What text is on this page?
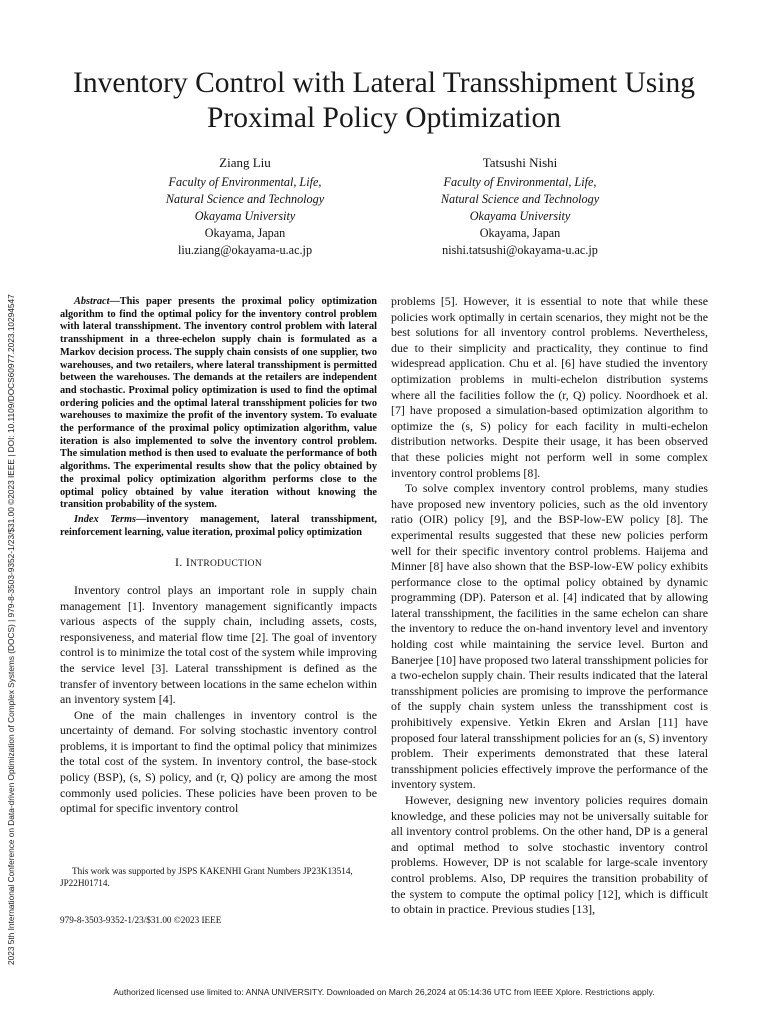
2023 5th International Conference on Data-driven Optimization of Complex Systems (DOCS) | 979-8-3503-9352-1/23/$31.00 ©2023 IEEE | DOI: 10.1109/DOCS60977.2023.10294547
Inventory Control with Lateral Transshipment Using
Proximal Policy Optimization
Ziang Liu
Faculty of Environmental, Life,
Natural Science and Technology
Okayama University
Okayama, Japan
liu.ziang@okayama-u.ac.jp
Tatsushi Nishi
Faculty of Environmental, Life,
Natural Science and Technology
Okayama University
Okayama, Japan
nishi.tatsushi@okayama-u.ac.jp

Abstract—This paper presents the proximal policy optimization algorithm to find the optimal policy for the inventory control problem with lateral transshipment. The inventory control problem with lateral transshipment in a three-echelon supply chain is formulated as a Markov decision process. The supply chain consists of one supplier, two warehouses, and two retailers, where lateral transshipment is permitted between the warehouses. The demands at the retailers are independent and stochastic. Proximal policy optimization is used to find the optimal ordering policies and the optimal lateral transshipment policies for two warehouses to maximize the profit of the inventory system. To evaluate the performance of the proximal policy optimization algorithm, value iteration is also implemented to solve the inventory control problem. The simulation method is then used to evaluate the performance of both algorithms. The experimental results show that the policy obtained by the proximal policy optimization algorithm performs close to the optimal policy obtained by value iteration without knowing the transition probability of the system.

Index Terms—inventory management, lateral transshipment, reinforcement learning, value iteration, proximal policy optimization

I. INTRODUCTION

Inventory control plays an important role in supply chain management [1]. Inventory management significantly impacts various aspects of the supply chain, including assets, costs, responsiveness, and material flow time [2]. The goal of inventory control is to minimize the total cost of the system while improving the service level [3]. Lateral transshipment is defined as the transfer of inventory between locations in the same echelon within an inventory system [4].

One of the main challenges in inventory control is the uncertainty of demand. For solving stochastic inventory control problems, it is important to find the optimal policy that minimizes the total cost of the system. In inventory control, the base-stock policy (BSP), (s, S) policy, and (r, Q) policy are among the most commonly used policies. These policies have been proven to be optimal for specific inventory control

This work was supported by JSPS KAKENHI Grant Numbers JP23K13514, JP22H01714.
979-8-3503-9352-1/23/$31.00 ©2023 IEEE

problems [5]. However, it is essential to note that while these policies work optimally in certain scenarios, they might not be the best solutions for all inventory control problems. Nevertheless, due to their simplicity and practicality, they continue to find widespread application. Chu et al. [6] have studied the inventory optimization problems in multi-echelon distribution systems where all the facilities follow the (r, Q) policy. Noordhoek et al. [7] have proposed a simulation-based optimization algorithm to optimize the (s, S) policy for each facility in multi-echelon distribution networks. Despite their usage, it has been observed that these policies might not perform well in some complex inventory control problems [8].

To solve complex inventory control problems, many studies have proposed new inventory policies, such as the old inventory ratio (OIR) policy [9], and the BSP-low-EW policy [8]. The experimental results suggested that these new policies perform well for their specific inventory control problems. Haijema and Minner [8] have also shown that the BSP-low-EW policy exhibits performance close to the optimal policy obtained by dynamic programming (DP). Paterson et al. [4] indicated that by allowing lateral transshipment, the facilities in the same echelon can share the inventory to reduce the on-hand inventory level and inventory holding cost while maintaining the service level. Burton and Banerjee [10] have proposed two lateral transshipment policies for a two-echelon supply chain. Their results indicated that the lateral transshipment policies are promising to improve the performance of the supply chain system unless the transshipment cost is prohibitively expensive. Yetkin Ekren and Arslan [11] have proposed four lateral transshipment policies for an (s, S) inventory problem. Their experiments demonstrated that these lateral transshipment policies effectively improve the performance of the inventory system.

However, designing new inventory policies requires domain knowledge, and these policies may not be universally suitable for all inventory control problems. On the other hand, DP is a general and optimal method to solve stochastic inventory control problems. However, DP is not scalable for large-scale inventory control problems. Also, DP requires the transition probability of the system to compute the optimal policy [12], which is difficult to obtain in practice. Previous studies [13],

Authorized licensed use limited to: ANNA UNIVERSITY. Downloaded on March 26,2024 at 05:14:36 UTC from IEEE Xplore. Restrictions apply.
